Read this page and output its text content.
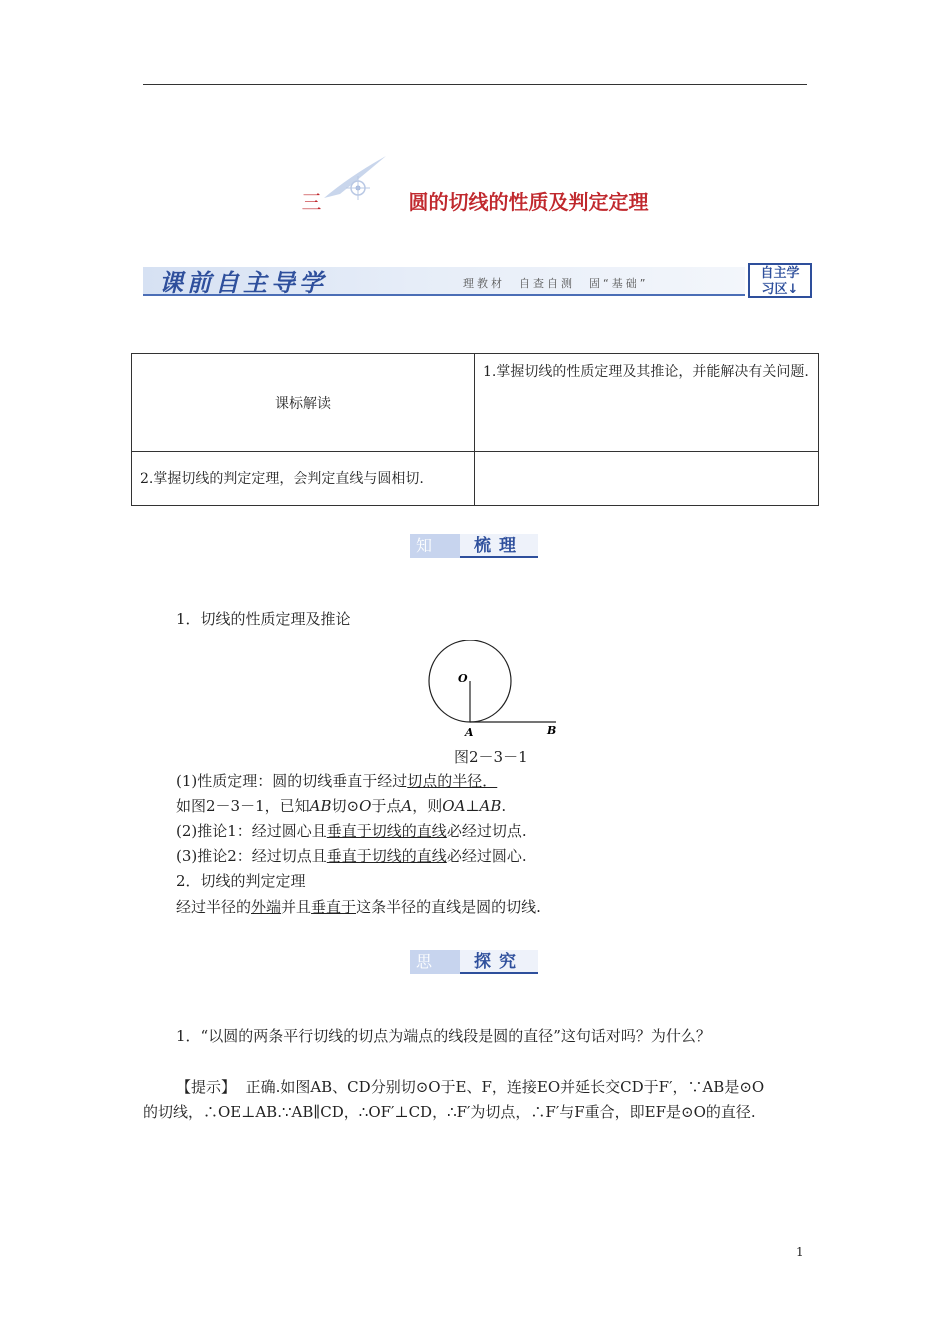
三	圆的切线的性质及判定定理
课前自主导学	理教材　自查自测　固“基础”
自主学
习区↓
课标解读	1.掌握切线的性质定理及其推论，并能解决有关问题.
2.掌握切线的判定定理，会判定直线与圆相切.	
知识
梳理
1．切线的性质定理及推论
O
A	B
图2－3－1
(1)性质定理：圆的切线垂直于经过切点的半径．
如图2－3－1，已知AB切⊙O于点A，则OA⊥AB.
(2)推论1：经过圆心且垂直于切线的直线必经过切点.
(3)推论2：经过切点且垂直于切线的直线必经过圆心.
2．切线的判定定理
经过半径的外端并且垂直于这条半径的直线是圆的切线.
思考
探究
1．“以圆的两条平行切线的切点为端点的线段是圆的直径”这句话对吗？为什么？
【提示】 正确.如图AB、CD分别切⊙O于E、F，连接EO并延长交CD于F′，∵AB是⊙O
的切线，∴OE⊥AB.∵AB∥CD，∴OF′⊥CD，∴F′为切点，∴F′与F重合，即EF是⊙O的直径.
1
